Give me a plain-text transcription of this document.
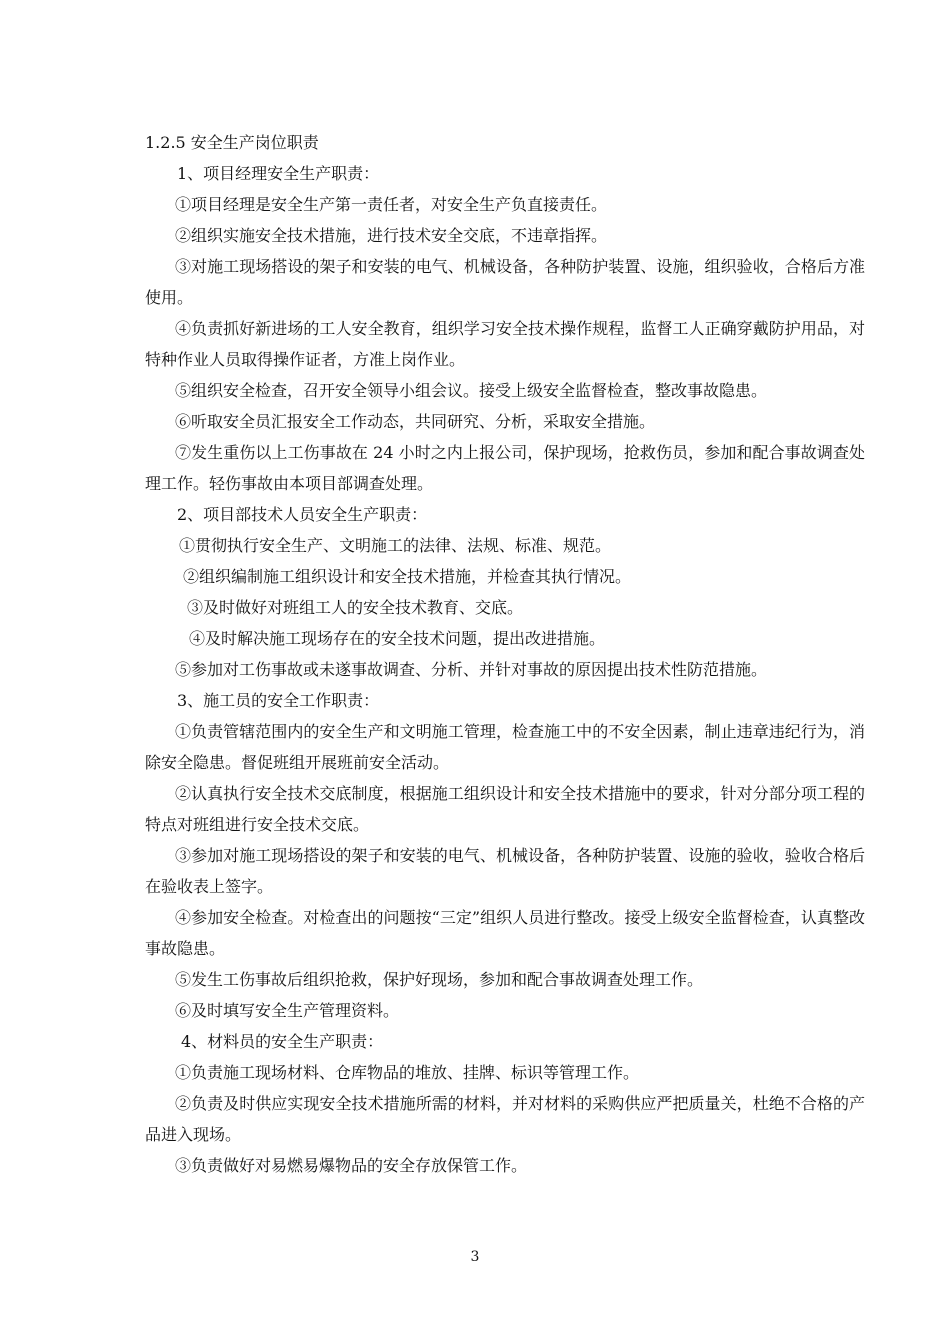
1.2.5 安全生产岗位职责
1、项目经理安全生产职责：
①项目经理是安全生产第一责任者，对安全生产负直接责任。
②组织实施安全技术措施，进行技术安全交底，不违章指挥。
③对施工现场搭设的架子和安装的电气、机械设备，各种防护装置、设施，组织验收，合格后方准使用。
④负责抓好新进场的工人安全教育，组织学习安全技术操作规程，监督工人正确穿戴防护用品，对特种作业人员取得操作证者，方准上岗作业。
⑤组织安全检查，召开安全领导小组会议。接受上级安全监督检查，整改事故隐患。
⑥听取安全员汇报安全工作动态，共同研究、分析，采取安全措施。
⑦发生重伤以上工伤事故在 24 小时之内上报公司，保护现场，抢救伤员，参加和配合事故调查处理工作。轻伤事故由本项目部调查处理。
2、项目部技术人员安全生产职责：
①贯彻执行安全生产、文明施工的法律、法规、标准、规范。
②组织编制施工组织设计和安全技术措施，并检查其执行情况。
③及时做好对班组工人的安全技术教育、交底。
④及时解决施工现场存在的安全技术问题，提出改进措施。
⑤参加对工伤事故或未遂事故调查、分析、并针对事故的原因提出技术性防范措施。
3、施工员的安全工作职责：
①负责管辖范围内的安全生产和文明施工管理，检查施工中的不安全因素，制止违章违纪行为，消除安全隐患。督促班组开展班前安全活动。
②认真执行安全技术交底制度，根据施工组织设计和安全技术措施中的要求，针对分部分项工程的特点对班组进行安全技术交底。
③参加对施工现场搭设的架子和安装的电气、机械设备，各种防护装置、设施的验收，验收合格后在验收表上签字。
④参加安全检查。对检查出的问题按“三定”组织人员进行整改。接受上级安全监督检查，认真整改事故隐患。
⑤发生工伤事故后组织抢救，保护好现场，参加和配合事故调查处理工作。
⑥及时填写安全生产管理资料。
4、材料员的安全生产职责：
①负责施工现场材料、仓库物品的堆放、挂牌、标识等管理工作。
②负责及时供应实现安全技术措施所需的材料，并对材料的采购供应严把质量关，杜绝不合格的产品进入现场。
③负责做好对易燃易爆物品的安全存放保管工作。
3
